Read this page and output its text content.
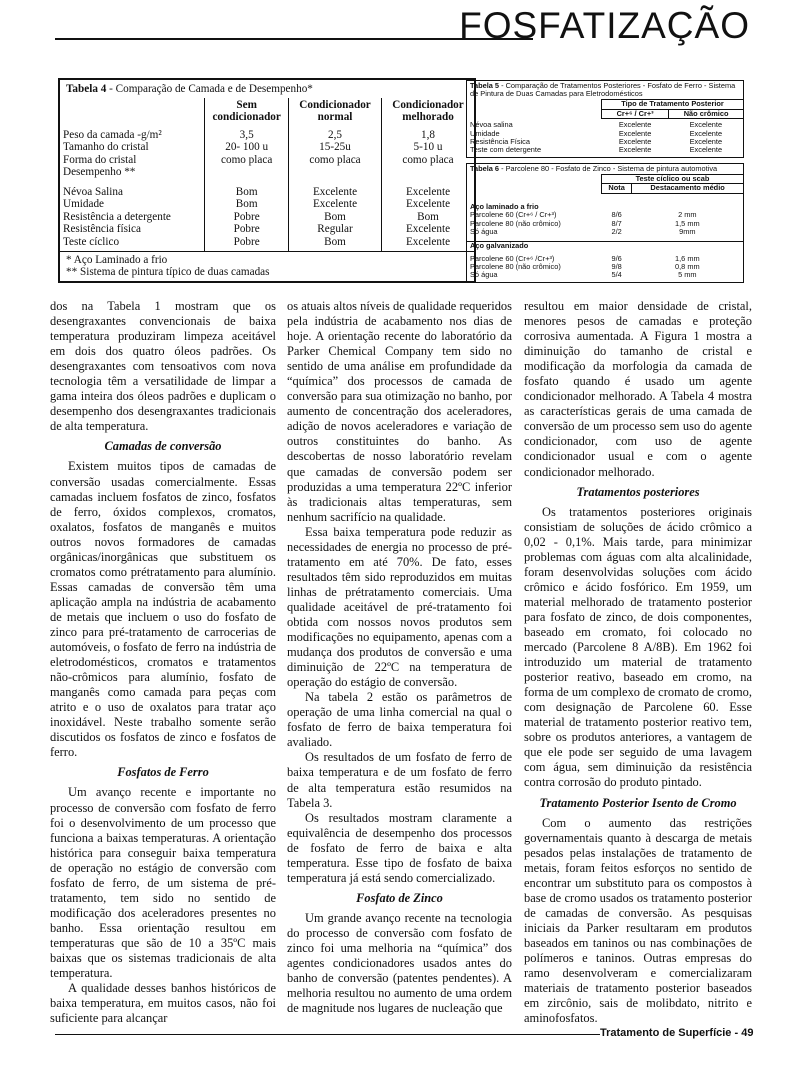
FOSFATIZAÇÃO
Tabela 4 - Comparação de Camada e de Desempenho*			
	Sem condicionador	Condicionador normal	Condicionador melhorado

Peso da camada -g/m²	3,5	2,5	1,8
Tamanho do cristal	20- 100 u	15-25u	5-10 u
Forma do cristal	como placa	como placa	como placa
Desempenho **			

Névoa Salina	Bom	Excelente	Excelente
Umidade	Bom	Excelente	Excelente
Resistência a detergente	Pobre	Bom	Bom
Resistência física	Pobre	Regular	Excelente
Teste cíclico	Pobre	Bom	Excelente

* Aço Laminado a frio
** Sistema de pintura típico de duas camadas			
Tabela 5 - Comparação de Tratamentos Posteriores - Fosfato de Ferro - Sistema de Pintura de Duas Camadas para Eletrodomésticos		
	Tipo de Tratamento Posterior	
	Cr+⁶ / Cr+³	Não crômico

Névoa salina	Excelente	Excelente
Umidade	Excelente	Excelente
Resistência Física	Excelente	Excelente
Teste com detergente	Excelente	Excelente

Tabela 6 - Parcolene 80 - Fosfato de Zinco - Sistema de pintura automotiva		
	Teste cíclico ou scab	
	Nota	Destacamento médio

Aço laminado a frio		
Parcolene 60 (Cr+⁶ / Cr+³)	8/6	2 mm
Parcolene 80 (não crômico)	8/7	1,5 mm
Só água	2/2	9mm

Aço galvanizado		

Parcolene 60 (Cr+⁶ /Cr+³)	9/6	1,6 mm
Parcolene 80 (não crômico)	9/8	0,8 mm
Só água	5/4	5 mm

dos na Tabela 1 mostram que os desengraxantes convencionais de baixa temperatura produziram limpeza aceitável em dois dos quatro óleos padrões. Os desengraxantes com tensoativos com nova tecnologia têm a versatilidade de limpar a gama inteira dos óleos padrões e duplicam o desempenho dos desengraxantes tradicionais de alta temperatura.

Camadas de conversão

Existem muitos tipos de camadas de conversão usadas comercialmente. Essas camadas incluem fosfatos de zinco, fosfatos de ferro, óxidos complexos, cromatos, oxalatos, fosfatos de manganês e muitos outros novos formadores de camadas orgânicas/inorgânicas que substituem os cromatos como prétratamento para alumínio. Essas camadas de conversão têm uma aplicação ampla na indústria de acabamento de metais que incluem o uso do fosfato de zinco para pré-tratamento de carrocerias de automóveis, o fosfato de ferro na indústria de eletrodomésticos, cromatos e tratamentos não-crômicos para alumínio, fosfato de manganês como camada para peças com atrito e o uso de oxalatos para tratar aço inoxidável. Neste trabalho somente serão discutidos os fosfatos de zinco e fosfatos de ferro.

Fosfatos de Ferro

Um avanço recente e importante no processo de conversão com fosfato de ferro foi o desenvolvimento de um processo que funciona a baixas temperaturas. A orientação histórica para conseguir baixa temperatura de operação no estágio de conversão com fosfato de ferro, de um sistema de pré-tratamento, tem sido no sentido de modificação dos aceleradores presentes no banho. Essa orientação resultou em temperaturas que são de 10 a 35ºC mais baixas que os sistemas tradicionais de alta temperatura.

A qualidade desses banhos históricos de baixa temperatura, em muitos casos, não foi suficiente para alcançar

os atuais altos níveis de qualidade requeridos pela indústria de acabamento nos dias de hoje. A orientação recente do laboratório da Parker Chemical Company tem sido no sentido de uma análise em profundidade da “química” dos processos de camada de conversão para sua otimização no banho, por aumento de concentração dos aceleradores, adição de novos aceleradores e variação de outros constituintes do banho. As descobertas de nosso laboratório revelam que camadas de conversão podem ser produzidas a uma temperatura 22ºC inferior às tradicionais altas temperaturas, sem nenhum sacrifício na qualidade.

Essa baixa temperatura pode reduzir as necessidades de energia no processo de pré-tratamento em até 70%. De fato, esses resultados têm sido reproduzidos em muitas linhas de prétratamento comerciais. Uma qualidade aceitável de pré-tratamento foi obtida com nossos novos produtos sem modificações no equipamento, apenas com a mudança dos produtos de conversão e uma diminuição de 22ºC na temperatura de operação do estágio de conversão.

Na tabela 2 estão os parâmetros de operação de uma linha comercial na qual o fosfato de ferro de baixa temperatura foi avaliado.

Os resultados de um fosfato de ferro de baixa temperatura e de um fosfato de ferro de alta temperatura estão resumidos na Tabela 3.

Os resultados mostram claramente a equivalência de desempenho dos processos de fosfato de ferro de baixa e alta temperatura. Esse tipo de fosfato de baixa temperatura já está sendo comercializado.

Fosfato de Zinco

Um grande avanço recente na tecnologia do processo de conversão com fosfato de zinco foi uma melhoria na “química” dos agentes condicionadores usados antes do banho de conversão (patentes pendentes). A melhoria resultou no aumento de uma ordem de magnitude nos lugares de nucleação que

resultou em maior densidade de cristal, menores pesos de camadas e proteção corrosiva aumentada. A Figura 1 mostra a diminuição do tamanho de cristal e modificação da morfologia da camada de fosfato quando é usado um agente condicionador melhorado. A Tabela 4 mostra as características gerais de uma camada de conversão de um processo sem uso do agente condicionador, com uso de agente condicionador usual e com o agente condicionador melhorado.

Tratamentos posteriores

Os tratamentos posteriores originais consistiam de soluções de ácido crômico a 0,02 - 0,1%. Mais tarde, para minimizar problemas com águas com alta alcalinidade, foram desenvolvidas soluções com ácido crômico e ácido fosfórico. Em 1959, um material melhorado de tratamento posterior para fosfato de zinco, de dois componentes, baseado em cromato, foi colocado no mercado (Parcolene 8 A/8B). Em 1962 foi introduzido um material de tratamento posterior reativo, baseado em cromo, na forma de um complexo de cromato de cromo, com designação de Parcolene 60. Esse material de tratamento posterior reativo tem, sobre os produtos anteriores, a vantagem de que ele pode ser seguido de uma lavagem com água, sem diminuição da resistência contra corrosão do produto pintado.

Tratamento Posterior Isento de Cromo

Com o aumento das restrições governamentais quanto à descarga de metais pesados pelas instalações de tratamento de metais, foram feitos esforços no sentido de encontrar um substituto para os compostos à base de cromo usados os tratamento posterior de camadas de conversão. As pesquisas iniciais da Parker resultaram em produtos baseados em taninos ou nas combinações de polímeros e taninos. Outras empresas do ramo desenvolveram e comercializaram materiais de tratamento posterior baseados em zircônio, sais de molibdato, nitrito e aminofosfatos.

Tratamento de Superfície - 49
